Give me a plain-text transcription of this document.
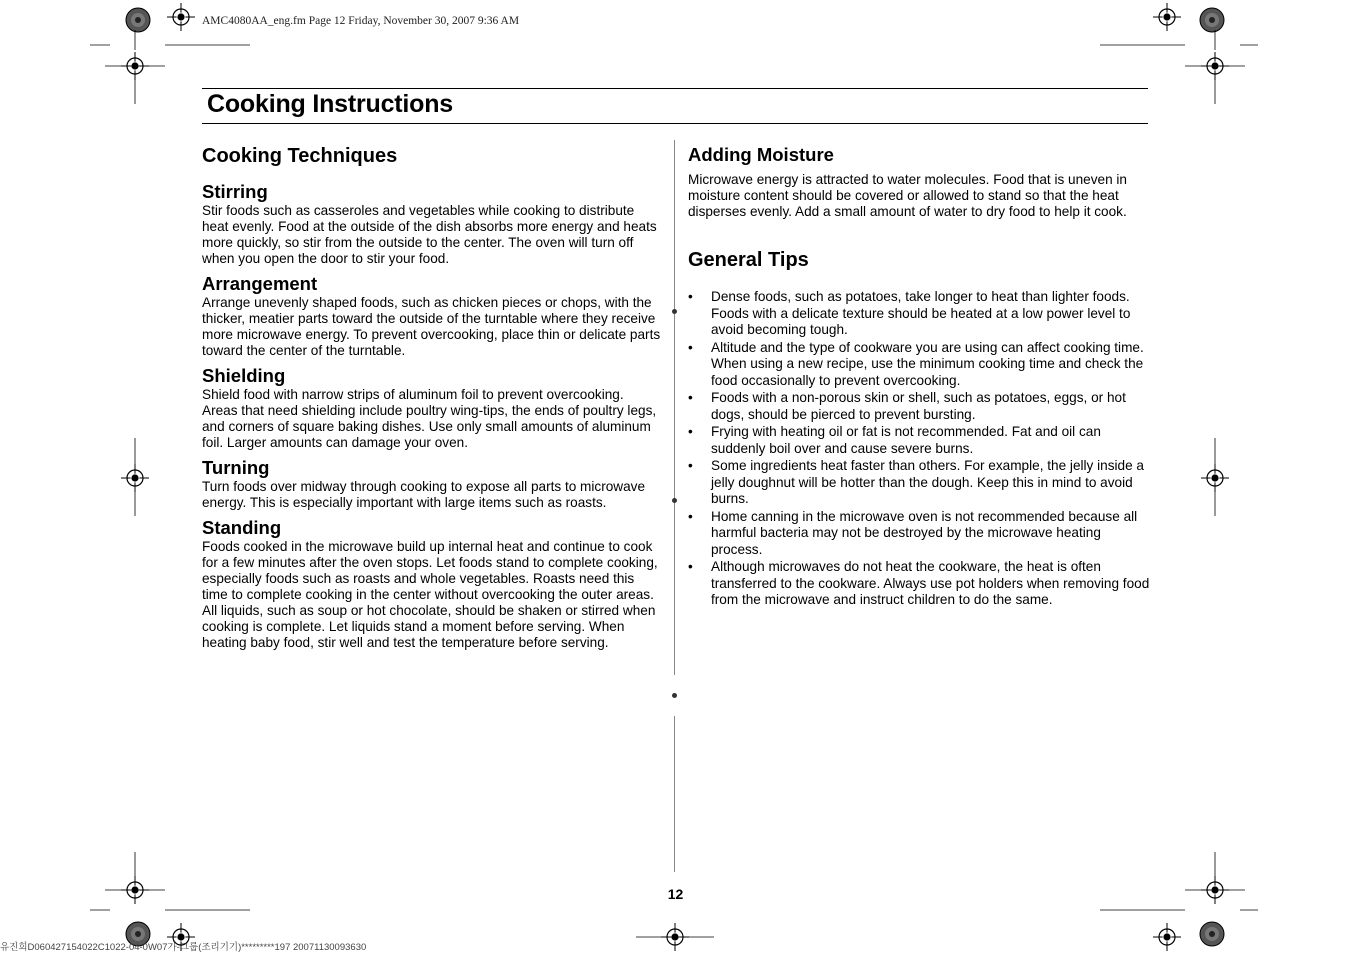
AMC4080AA_eng.fm Page 12 Friday, November 30, 2007 9:36 AM
Cooking Instructions
Cooking Techniques
Stirring

Stir foods such as casseroles and vegetables while cooking to distribute heat evenly. Food at the outside of the dish absorbs more energy and heats more quickly, so stir from the outside to the center. The oven will turn off when you open the door to stir your food.

Arrangement

Arrange unevenly shaped foods, such as chicken pieces or chops, with the thicker, meatier parts toward the outside of the turntable where they receive more microwave energy. To prevent overcooking, place thin or delicate parts toward the center of the turntable.

Shielding

Shield food with narrow strips of aluminum foil to prevent overcooking. Areas that need shielding include poultry wing-tips, the ends of poultry legs, and corners of square baking dishes. Use only small amounts of aluminum foil. Larger amounts can damage your oven.

Turning

Turn foods over midway through cooking to expose all parts to microwave energy. This is especially important with large items such as roasts.

Standing

Foods cooked in the microwave build up internal heat and continue to cook for a few minutes after the oven stops. Let foods stand to complete cooking, especially foods such as roasts and whole vegetables. Roasts need this time to complete cooking in the center without overcooking the outer areas. All liquids, such as soup or hot chocolate, should be shaken or stirred when cooking is complete. Let liquids stand a moment before serving. When heating baby food, stir well and test the temperature before serving.

Adding Moisture

Microwave energy is attracted to water molecules. Food that is uneven in moisture content should be covered or allowed to stand so that the heat disperses evenly. Add a small amount of water to dry food to help it cook.

General Tips
• Dense foods, such as potatoes, take longer to heat than lighter foods. Foods with a delicate texture should be heated at a low power level to avoid becoming tough.
• Altitude and the type of cookware you are using can affect cooking time. When using a new recipe, use the minimum cooking time and check the food occasionally to prevent overcooking.
• Foods with a non-porous skin or shell, such as potatoes, eggs, or hot dogs, should be pierced to prevent bursting.
• Frying with heating oil or fat is not recommended. Fat and oil can suddenly boil over and cause severe burns.
• Some ingredients heat faster than others. For example, the jelly inside a jelly doughnut will be hotter than the dough. Keep this in mind to avoid burns.
• Home canning in the microwave oven is not recommended because all harmful bacteria may not be destroyed by the microwave heating process.
• Although microwaves do not heat the cookware, the heat is often transferred to the cookware. Always use pot holders when removing food from the microwave and instruct children to do the same.
12
유진희D060427154022C1022-04-0W07가-그룹(조리기기)*********197 20071130093630
